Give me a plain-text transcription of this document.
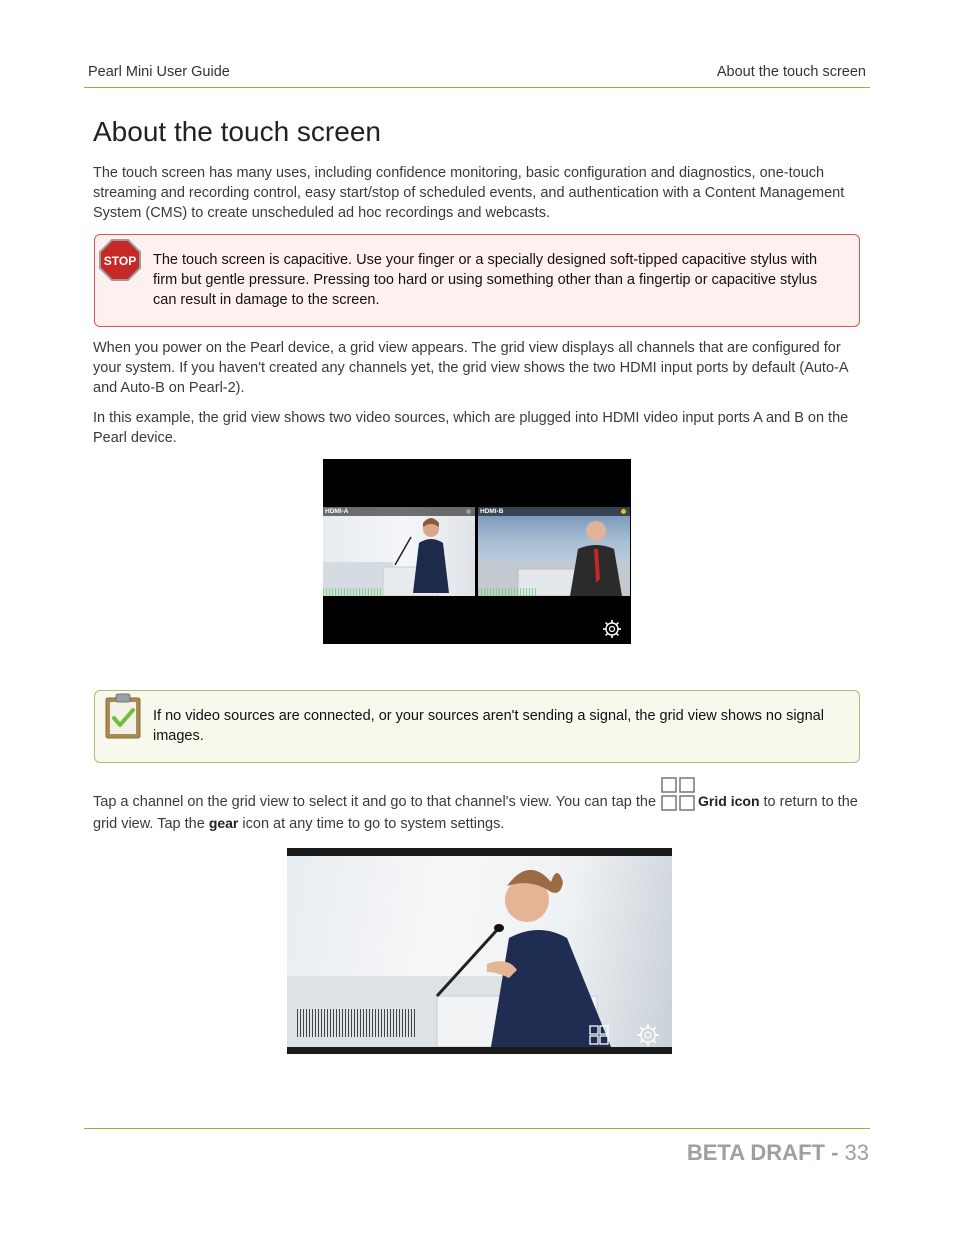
Pearl Mini User Guide	About the touch screen
About the touch screen

The touch screen has many uses, including confidence monitoring, basic configuration and diagnostics, one-touch streaming and recording control, easy start/stop of scheduled events, and authentication with a Content Management System (CMS) to create unscheduled ad hoc recordings and webcasts.

STOP The touch screen is capacitive. Use your finger or a specially designed soft-tipped capacitive stylus with firm but gentle pressure. Pressing too hard or using something other than a fingertip or capacitive stylus can result in damage to the screen.

When you power on the Pearl device, a grid view appears. The grid view displays all channels that are configured for your system. If you haven't created any channels yet, the grid view shows the two HDMI input ports by default (Auto-A and Auto-B on Pearl-2).

In this example, the grid view shows two video sources, which are plugged into HDMI video input ports A and B on the Pearl device.

HDMI-A	HDMI-B
If no video sources are connected, or your sources aren't sending a signal, the grid view shows no signal images.

Tap a channel on the grid view to select it and go to that channel's view. You can tap the	Grid icon to return to the grid view. Tap the gear icon at any time to go to system settings.

BETA DRAFT - 33
